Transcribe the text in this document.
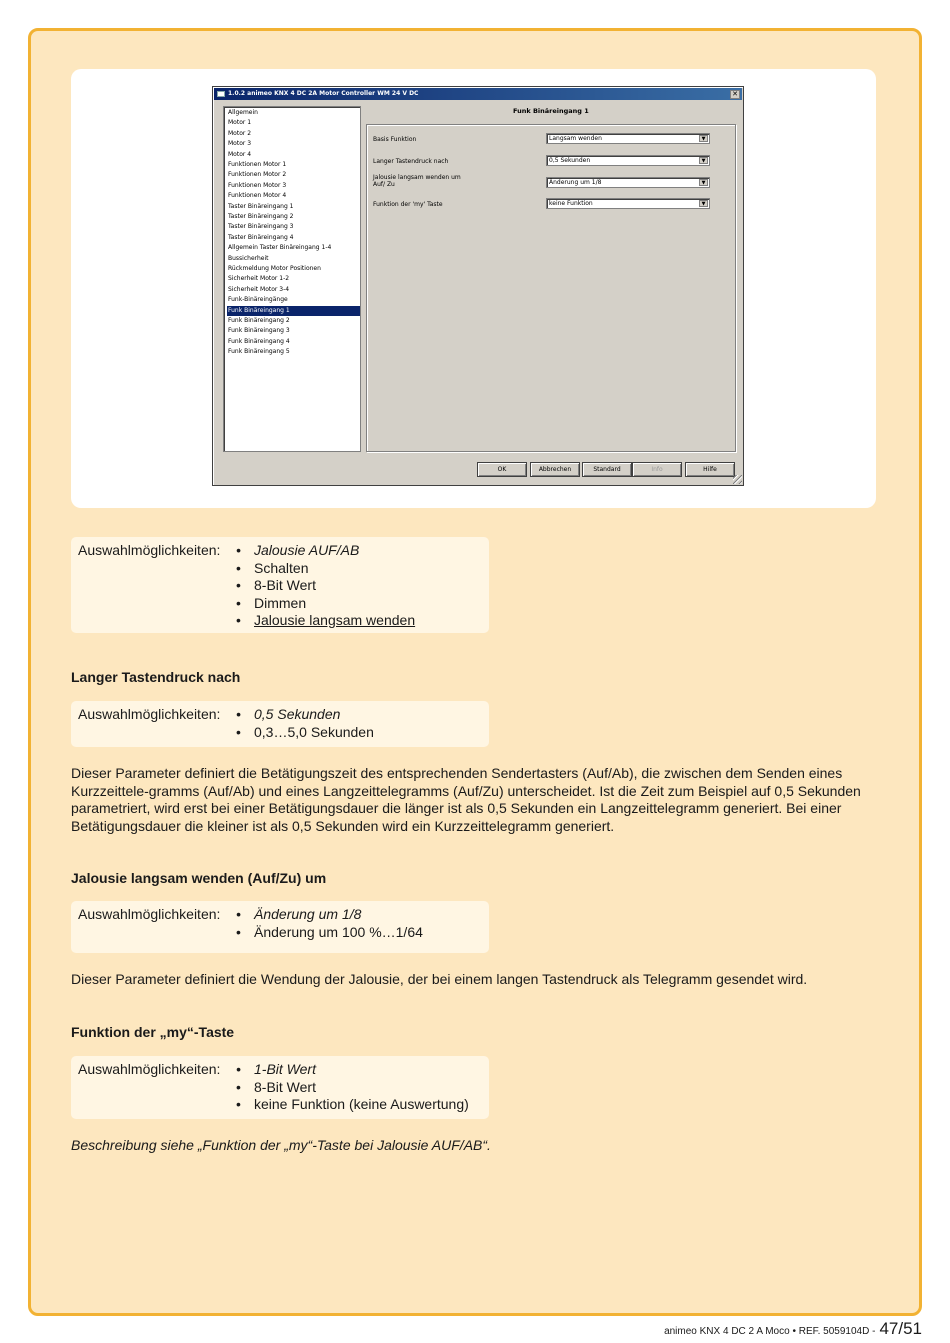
1.0.2 animeo KNX 4 DC 2A Motor Controller WM 24 V DC	✕
Allgemein
Motor 1
Motor 2
Motor 3
Motor 4
Funktionen Motor 1
Funktionen Motor 2
Funktionen Motor 3
Funktionen Motor 4
Taster Binäreingang 1
Taster Binäreingang 2
Taster Binäreingang 3
Taster Binäreingang 4
Allgemein Taster Binäreingang 1-4
Bussicherheit
Rückmeldung Motor Positionen
Sicherheit Motor 1-2
Sicherheit Motor 3-4
Funk-Binäreingänge
Funk Binäreingang 1
Funk Binäreingang 2
Funk Binäreingang 3
Funk Binäreingang 4
Funk Binäreingang 5
Funk Binäreingang 1
Basis Funktion	Langsam wenden	▼
Langer Tastendruck nach	0,5 Sekunden	▼
Jalousie langsam wenden um Auf/ Zu	Änderung um 1/8	▼
Funktion der 'my' Taste	keine Funktion	▼
OK	Abbrechen	Standard	Info	Hilfe
Auswahlmöglichkeiten:	• Jalousie AUF/AB
• Schalten
• 8-Bit Wert
• Dimmen
• Jalousie langsam wenden
Langer Tastendruck nach
Auswahlmöglichkeiten:	• 0,5 Sekunden
• 0,3…5,0 Sekunden
Dieser Parameter definiert die Betätigungszeit des entsprechenden Sendertasters (Auf/Ab), die zwischen dem Senden eines Kurzzeittele-gramms (Auf/Ab) und eines Langzeittelegramms (Auf/Zu) unterscheidet. Ist die Zeit zum Beispiel auf 0,5 Sekunden parametriert, wird erst bei einer Betätigungsdauer die länger ist als 0,5 Sekunden ein Langzeittelegramm generiert. Bei einer Betätigungsdauer die kleiner ist als 0,5 Sekunden wird ein Kurzzeittelegramm generiert.
Jalousie langsam wenden (Auf/Zu) um
Auswahlmöglichkeiten:	• Änderung um 1/8
• Änderung um 100 %…1/64
Dieser Parameter definiert die Wendung der Jalousie, der bei einem langen Tastendruck als Telegramm gesendet wird.
Funktion der „my“-Taste
Auswahlmöglichkeiten:	• 1-Bit Wert
• 8-Bit Wert
• keine Funktion (keine Auswertung)
Beschreibung siehe „Funktion der „my“-Taste bei Jalousie AUF/AB“.
animeo KNX 4 DC 2 A Moco • REF. 5059104D - 47/51
